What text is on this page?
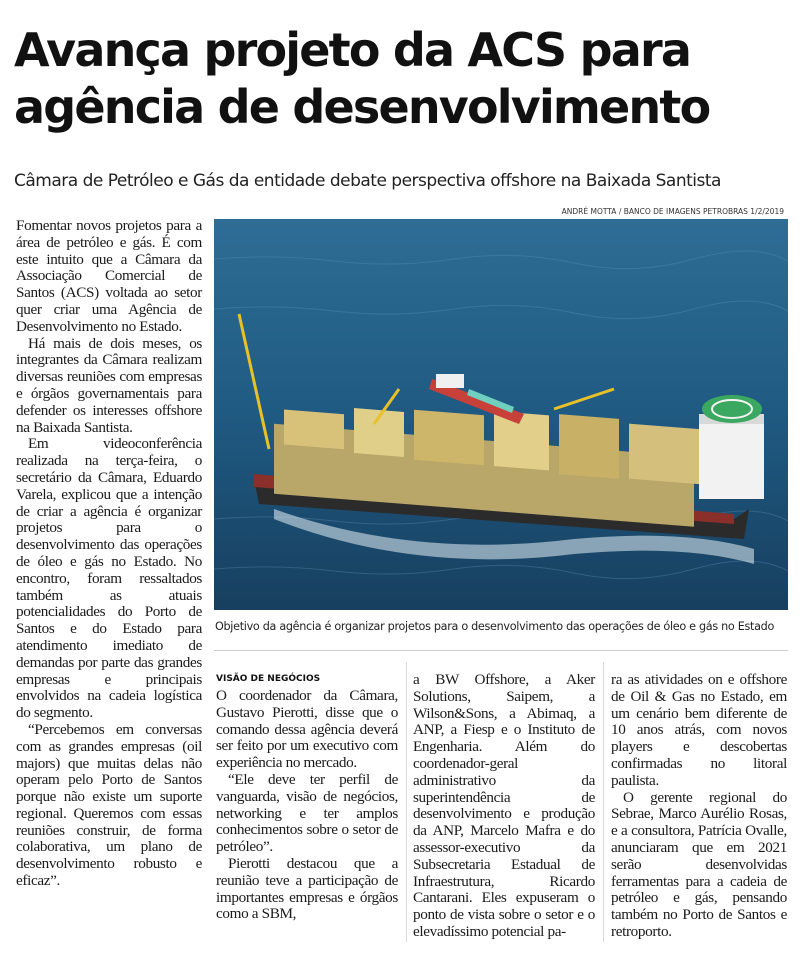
Avança projeto da ACS para agência de desenvolvimento

Câmara de Petróleo e Gás da entidade debate perspectiva offshore na Baixada Santista

ANDRÉ MOTTA / BANCO DE IMAGENS PETROBRAS 1/2/2019

Objetivo da agência é organizar projetos para o desenvolvimento das operações de óleo e gás no Estado

Fomentar novos projetos para a área de petróleo e gás. É com este intuito que a Câmara da Associação Comercial de Santos (ACS) voltada ao setor quer criar uma Agência de Desenvolvimento no Estado.

Há mais de dois meses, os integrantes da Câmara realizam diversas reuniões com empresas e órgãos governamentais para defender os interesses offshore na Baixada Santista.

Em videoconferência realizada na terça-feira, o secretário da Câmara, Eduardo Varela, explicou que a intenção de criar a agência é organizar projetos para o desenvolvimento das operações de óleo e gás no Estado. No encontro, foram ressaltados também as atuais potencialidades do Porto de Santos e do Estado para atendimento imediato de demandas por parte das grandes empresas e principais envolvidos na cadeia logística do segmento.

“Percebemos em conversas com as grandes empresas (oil majors) que muitas delas não operam pelo Porto de Santos porque não existe um suporte regional. Queremos com essas reuniões construir, de forma colaborativa, um plano de desenvolvimento robusto e eficaz”.

VISÃO DE NEGÓCIOS

O coordenador da Câmara, Gustavo Pierotti, disse que o comando dessa agência deverá ser feito por um executivo com experiência no mercado.

“Ele deve ter perfil de vanguarda, visão de negócios, networking e ter amplos conhecimentos sobre o setor de petróleo”.

Pierotti destacou que a reunião teve a participação de importantes empresas e órgãos como a SBM,

a BW Offshore, a Aker Solutions, Saipem, a Wilson&Sons, a Abimaq, a ANP, a Fiesp e o Instituto de Engenharia. Além do coordenador-geral administrativo da superintendência de desenvolvimento e produção da ANP, Marcelo Mafra e do assessor-executivo da Subsecretaria Estadual de Infraestrutura, Ricardo Cantarani. Eles expuseram o ponto de vista sobre o setor e o elevadíssimo potencial pa-

ra as atividades on e offshore de Oil & Gas no Estado, em um cenário bem diferente de 10 anos atrás, com novos players e descobertas confirmadas no litoral paulista.

O gerente regional do Sebrae, Marco Aurélio Rosas, e a consultora, Patrícia Ovalle, anunciaram que em 2021 serão desenvolvidas ferramentas para a cadeia de petróleo e gás, pensando também no Porto de Santos e retroporto.
